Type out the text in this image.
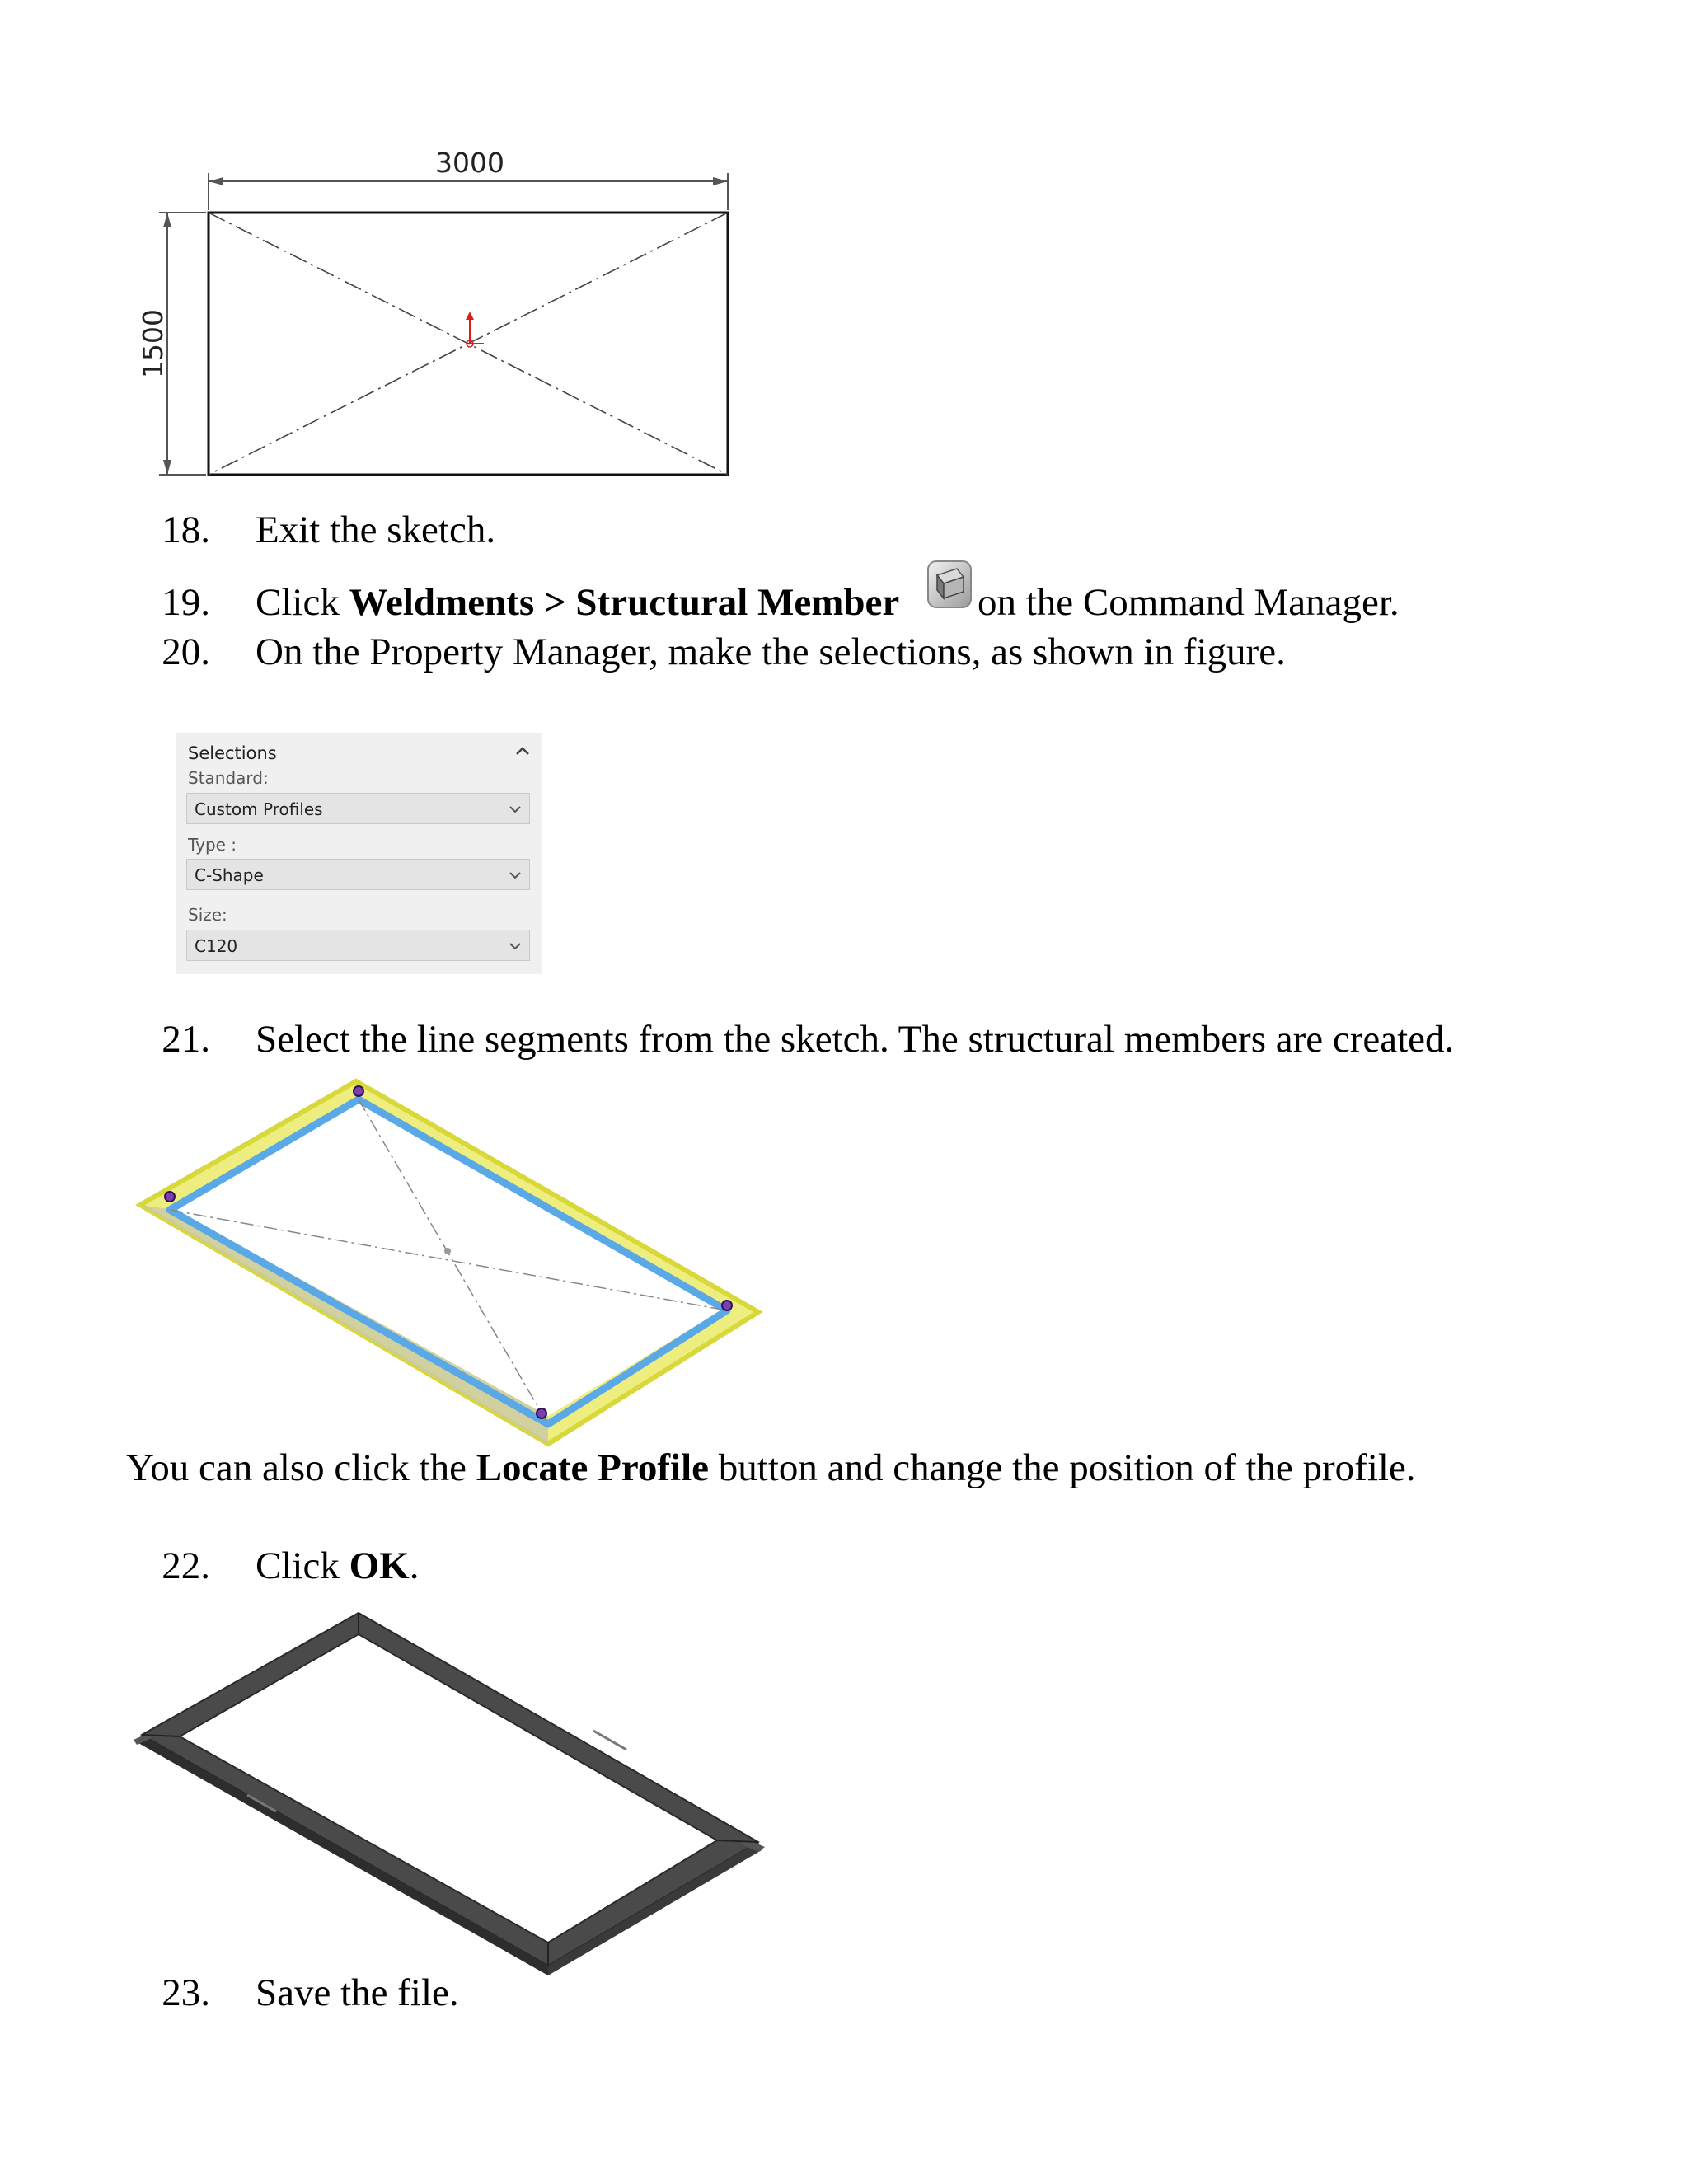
3000
1500
18. Exit the sketch.
19. Click Weldments > Structural Member on the Command Manager.
20. On the Property Manager, make the selections, as shown in figure.
Selections
Standard:
Custom Profiles
Type :
C-Shape
Size:
C120
21. Select the line segments from the sketch. The structural members are created.
You can also click the Locate Profile button and change the position of the profile.
22. Click OK.
23. Save the file.
